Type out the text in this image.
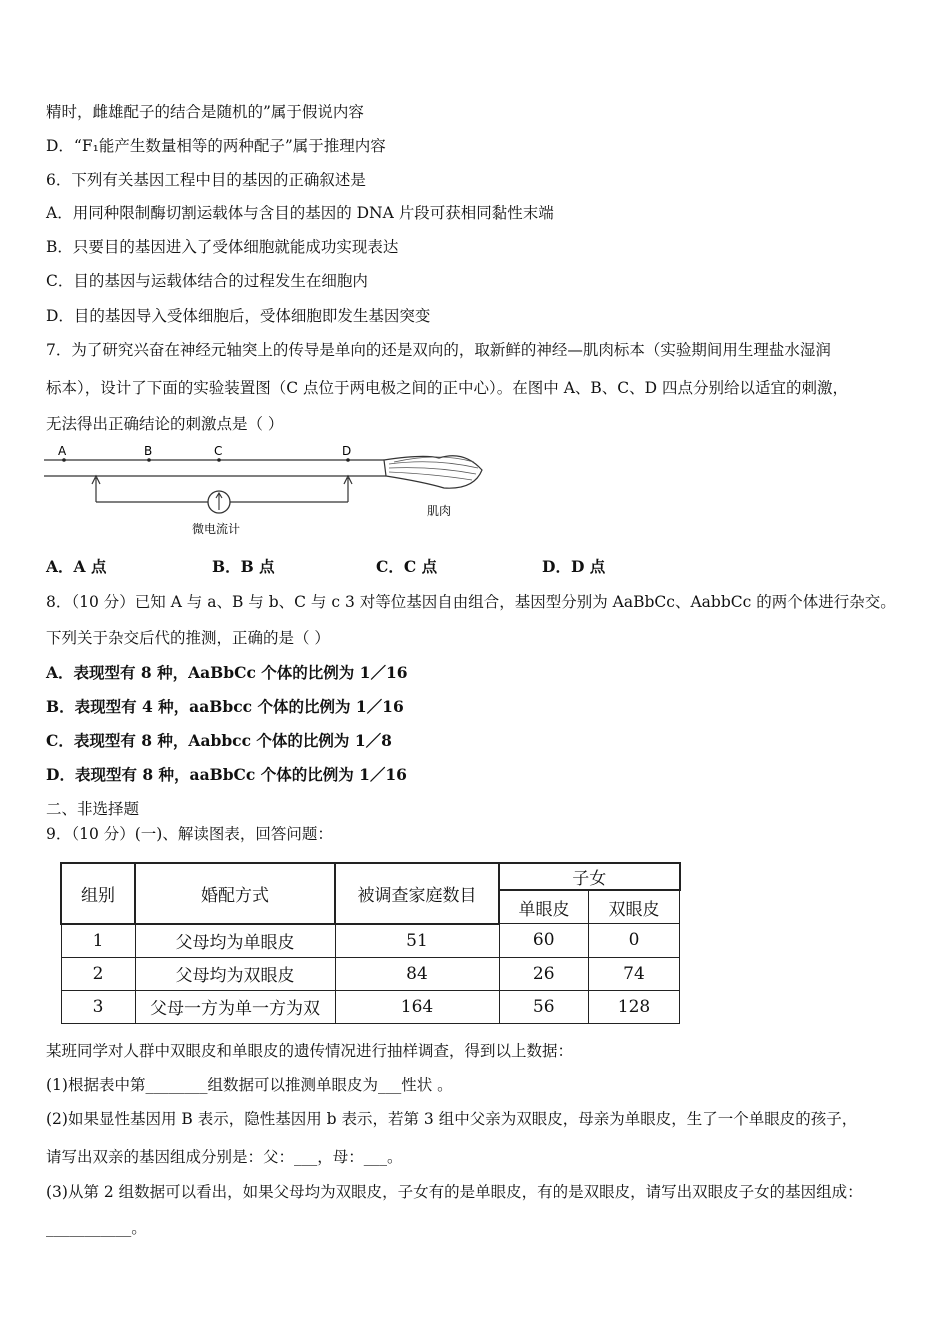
精时，雌雄配子的结合是随机的”属于假说内容
D．“F₁能产生数量相等的两种配子”属于推理内容
6．下列有关基因工程中目的基因的正确叙述是
A．用同种限制酶切割运载体与含目的基因的 DNA 片段可获相同黏性末端
B．只要目的基因进入了受体细胞就能成功实现表达
C．目的基因与运载体结合的过程发生在细胞内
D．目的基因导入受体细胞后，受体细胞即发生基因突变
7．为了研究兴奋在神经元轴突上的传导是单向的还是双向的，取新鲜的神经—肌肉标本（实验期间用生理盐水湿润
标本），设计了下面的实验装置图（C 点位于两电极之间的正中心）。在图中 A、B、C、D 四点分别给以适宜的刺激，
无法得出正确结论的刺激点是（ ）
A	B	C	D
微电流计
肌肉
A．A 点	B．B 点	C．C 点	D．D 点
8．（10 分）已知 A 与 a、B 与 b、C 与 c 3 对等位基因自由组合，基因型分别为 AaBbCc、AabbCc 的两个体进行杂交。
下列关于杂交后代的推测，正确的是（ ）
A．表现型有 8 种，AaBbCc 个体的比例为 1／16
B．表现型有 4 种，aaBbcc 个体的比例为 1／16
C．表现型有 8 种，Aabbcc 个体的比例为 1／8
D．表现型有 8 种，aaBbCc 个体的比例为 1／16
二、非选择题
9．（10 分）(一)、解读图表，回答问题：
组别	婚配方式	被调查家庭数目	子女	
			单眼皮	双眼皮
1	父母均为单眼皮	51	60	0
2	父母均为双眼皮	84	26	74
3	父母一方为单一方为双	164	56	128
某班同学对人群中双眼皮和单眼皮的遗传情况进行抽样调查，得到以上数据：
(1)根据表中第________组数据可以推测单眼皮为___性状 。
(2)如果显性基因用 B 表示，隐性基因用 b 表示，若第 3 组中父亲为双眼皮，母亲为单眼皮，生了一个单眼皮的孩子，
请写出双亲的基因组成分别是：父：___，母：___。
(3)从第 2 组数据可以看出，如果父母均为双眼皮，子女有的是单眼皮，有的是双眼皮，请写出双眼皮子女的基因组成：
___________。
